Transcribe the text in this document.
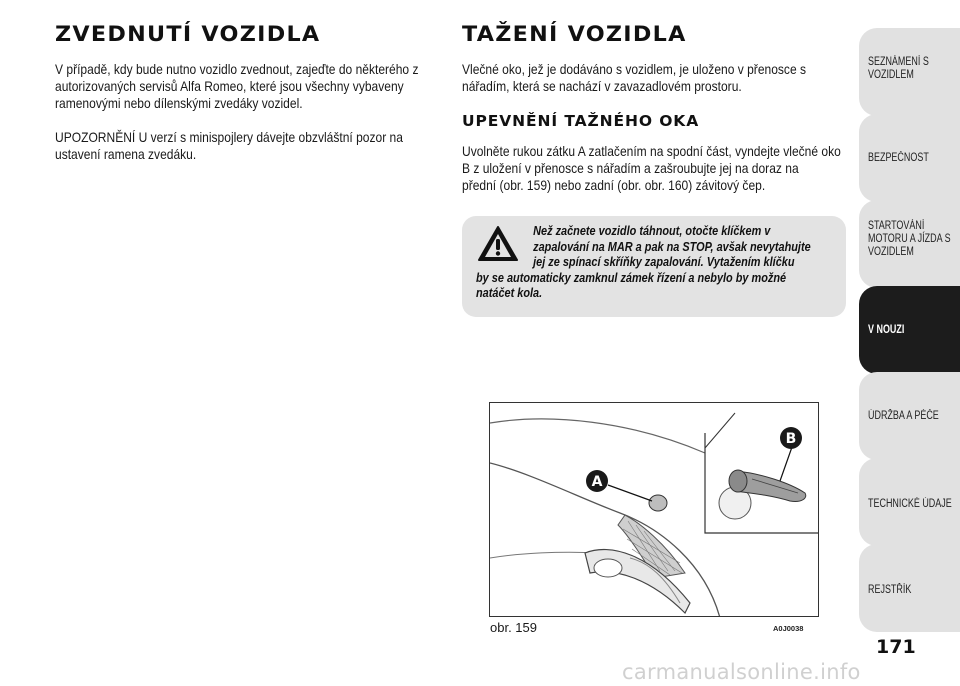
ZVEDNUTÍ VOZIDLA
V případě, kdy bude nutno vozidlo zvednout, zajeďte do některého z
autorizovaných servisů Alfa Romeo, které jsou všechny vybaveny
ramenovými nebo dílenskými zvedáky vozidel.
UPOZORNĚNÍ U verzí s minispojlery dávejte obzvláštní pozor na
ustavení ramena zvedáku.
TAŽENÍ VOZIDLA
Vlečné oko, jež je dodáváno s vozidlem, je uloženo v přenosce s
nářadím, která se nachází v zavazadlovém prostoru.
UPEVNĚNÍ TAŽNÉHO OKA
Uvolněte rukou zátku A zatlačením na spodní část, vyndejte vlečné oko
B z uložení v přenosce s nářadím a zašroubujte jej na doraz na
přední (obr. 159) nebo zadní (obr. obr. 160) závitový čep.
Než začnete vozidlo táhnout, otočte klíčkem v
zapalování na MAR a pak na STOP, avšak nevytahujte
jej ze spínací skříňky zapalování. Vytažením klíčku
by se automaticky zamknul zámek řízení a nebylo by možné
natáčet kola.
A
B
obr. 159	A0J0038
SEZNÁMENÍ S
VOZIDLEM
BEZPEČNOST
STARTOVÁNÍ
MOTORU A JÍZDA S
VOZIDLEM
V NOUZI
ÚDRŽBA A PÉČE
TECHNICKÉ ÚDAJE
REJSTŘÍK
171
carmanualsonline.info
